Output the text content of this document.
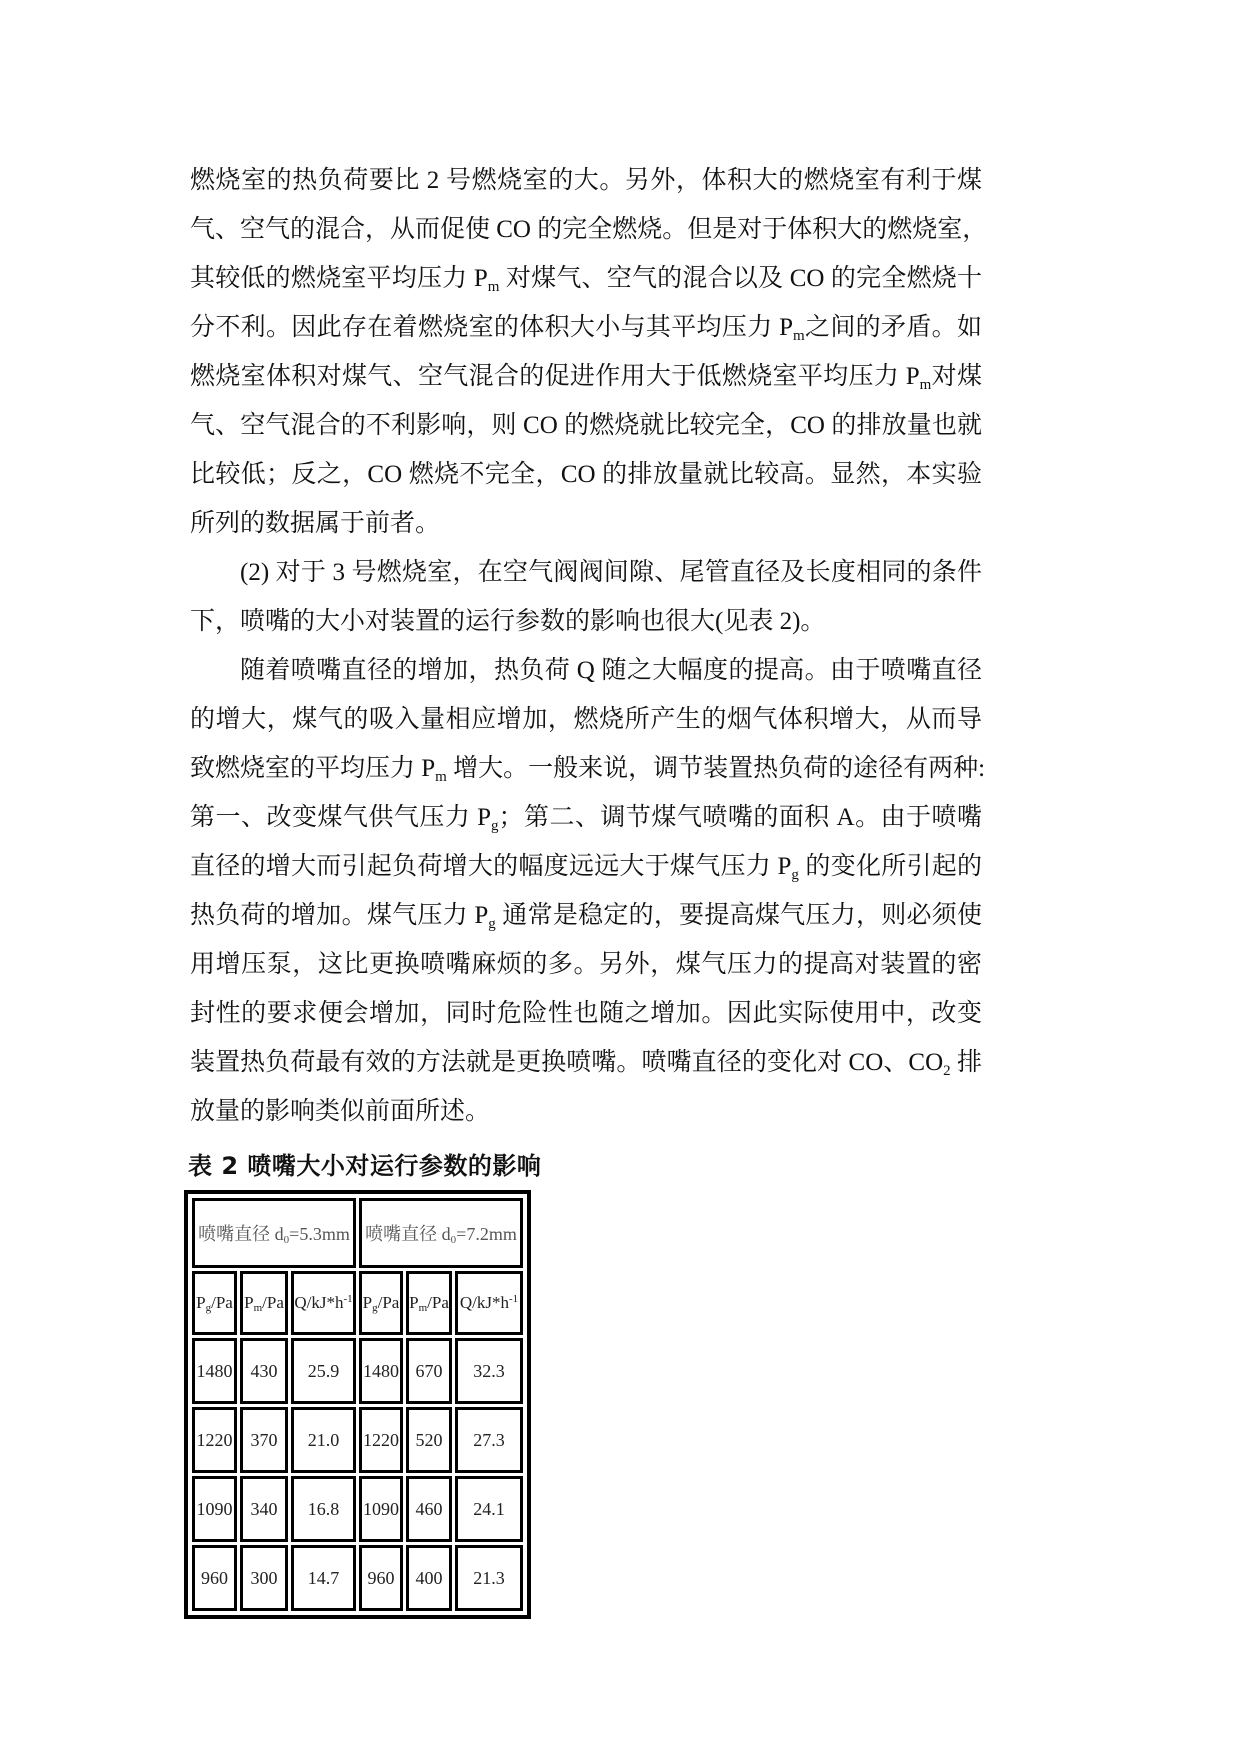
燃烧室的热负荷要比 2 号燃烧室的大。另外，体积大的燃烧室有利于煤
气、空气的混合，从而促使 CO 的完全燃烧。但是对于体积大的燃烧室，
其较低的燃烧室平均压力 $P_m$ 对煤气、空气的混合以及 CO 的完全燃烧十
分不利。因此存在着燃烧室的体积大小与其平均压力 $P_m$之间的矛盾。如
燃烧室体积对煤气、空气混合的促进作用大于低燃烧室平均压力 $P_m$对煤
气、空气混合的不利影响，则 CO 的燃烧就比较完全，CO 的排放量也就
比较低；反之，CO 燃烧不完全，CO 的排放量就比较高。显然，本实验
所列的数据属于前者。
(2) 对于 3 号燃烧室，在空气阀阀间隙、尾管直径及长度相同的条件
下，喷嘴的大小对装置的运行参数的影响也很大(见表 2)。
随着喷嘴直径的增加，热负荷 Q 随之大幅度的提高。由于喷嘴直径
的增大，煤气的吸入量相应增加，燃烧所产生的烟气体积增大，从而导
致燃烧室的平均压力 $P_m$ 增大。一般来说，调节装置热负荷的途径有两种:
第一、改变煤气供气压力 $P_g$；第二、调节煤气喷嘴的面积 A。由于喷嘴
直径的增大而引起负荷增大的幅度远远大于煤气压力 $P_g$ 的变化所引起的
热负荷的增加。煤气压力 $P_g$ 通常是稳定的，要提高煤气压力，则必须使
用增压泵，这比更换喷嘴麻烦的多。另外，煤气压力的提高对装置的密
封性的要求便会增加，同时危险性也随之增加。因此实际使用中，改变
装置热负荷最有效的方法就是更换喷嘴。喷嘴直径的变化对 CO、$CO_2$ 排
放量的影响类似前面所述。
表 2 喷嘴大小对运行参数的影响
喷嘴直径 $d_0=5.3mm$			喷嘴直径 $d_0=7.2mm$		
$P_g/Pa$	$P_m/Pa$	$Q/kJ*h^{-1}$	$P_g/Pa$	$P_m/Pa$	$Q/kJ*h^{-1}$
1480	430	25.9	1480	670	32.3
1220	370	21.0	1220	520	27.3
1090	340	16.8	1090	460	24.1
960	300	14.7	960	400	21.3
